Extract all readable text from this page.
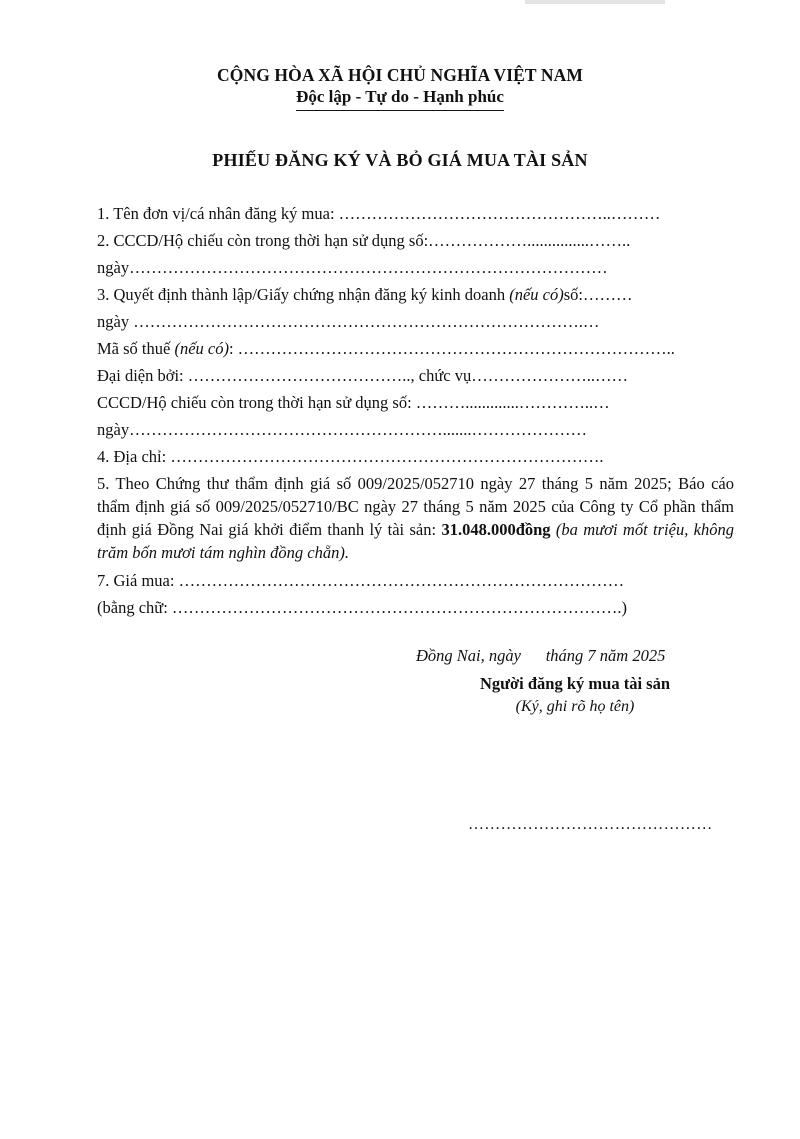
CỘNG HÒA XÃ HỘI CHỦ NGHĨA VIỆT NAM
Độc lập - Tự do - Hạnh phúc
PHIẾU ĐĂNG KÝ VÀ BỎ GIÁ MUA TÀI SẢN
1. Tên đơn vị/cá nhân đăng ký mua: …………………………………………..………
2. CCCD/Hộ chiếu còn trong thời hạn sử dụng số:………………...............……..
ngày……………………………………………………………………………
3. Quyết định thành lập/Giấy chứng nhận đăng ký kinh doanh (nếu có)số:………
ngày ……………………………………………………………………….…
Mã số thuế (nếu có): ……………………………………………………………………..
Đại diện bởi: ………………………………….., chức vụ…………………..……
CCCD/Hộ chiếu còn trong thời hạn sử dụng số: ……….............…………..…
ngày………………………………………………….......…………………
4. Địa chỉ: …………………………………………………………………….
5. Theo Chứng thư thẩm định giá số 009/2025/052710 ngày 27 tháng 5 năm 2025; Báo cáo thẩm định giá số 009/2025/052710/BC ngày 27 tháng 5 năm 2025 của Công ty Cổ phần thẩm định giá Đồng Nai giá khởi điểm thanh lý tài sản: 31.048.000đồng (ba mươi mốt triệu, không trăm bốn mươi tám nghìn đồng chẵn).
7. Giá mua: ………………………………………………………………………
(bằng chữ: ……………………………………………………………………….)
Đồng Nai, ngày      tháng 7 năm 2025
Người đăng ký mua tài sản
(Ký, ghi rõ họ tên)
………………………………………
